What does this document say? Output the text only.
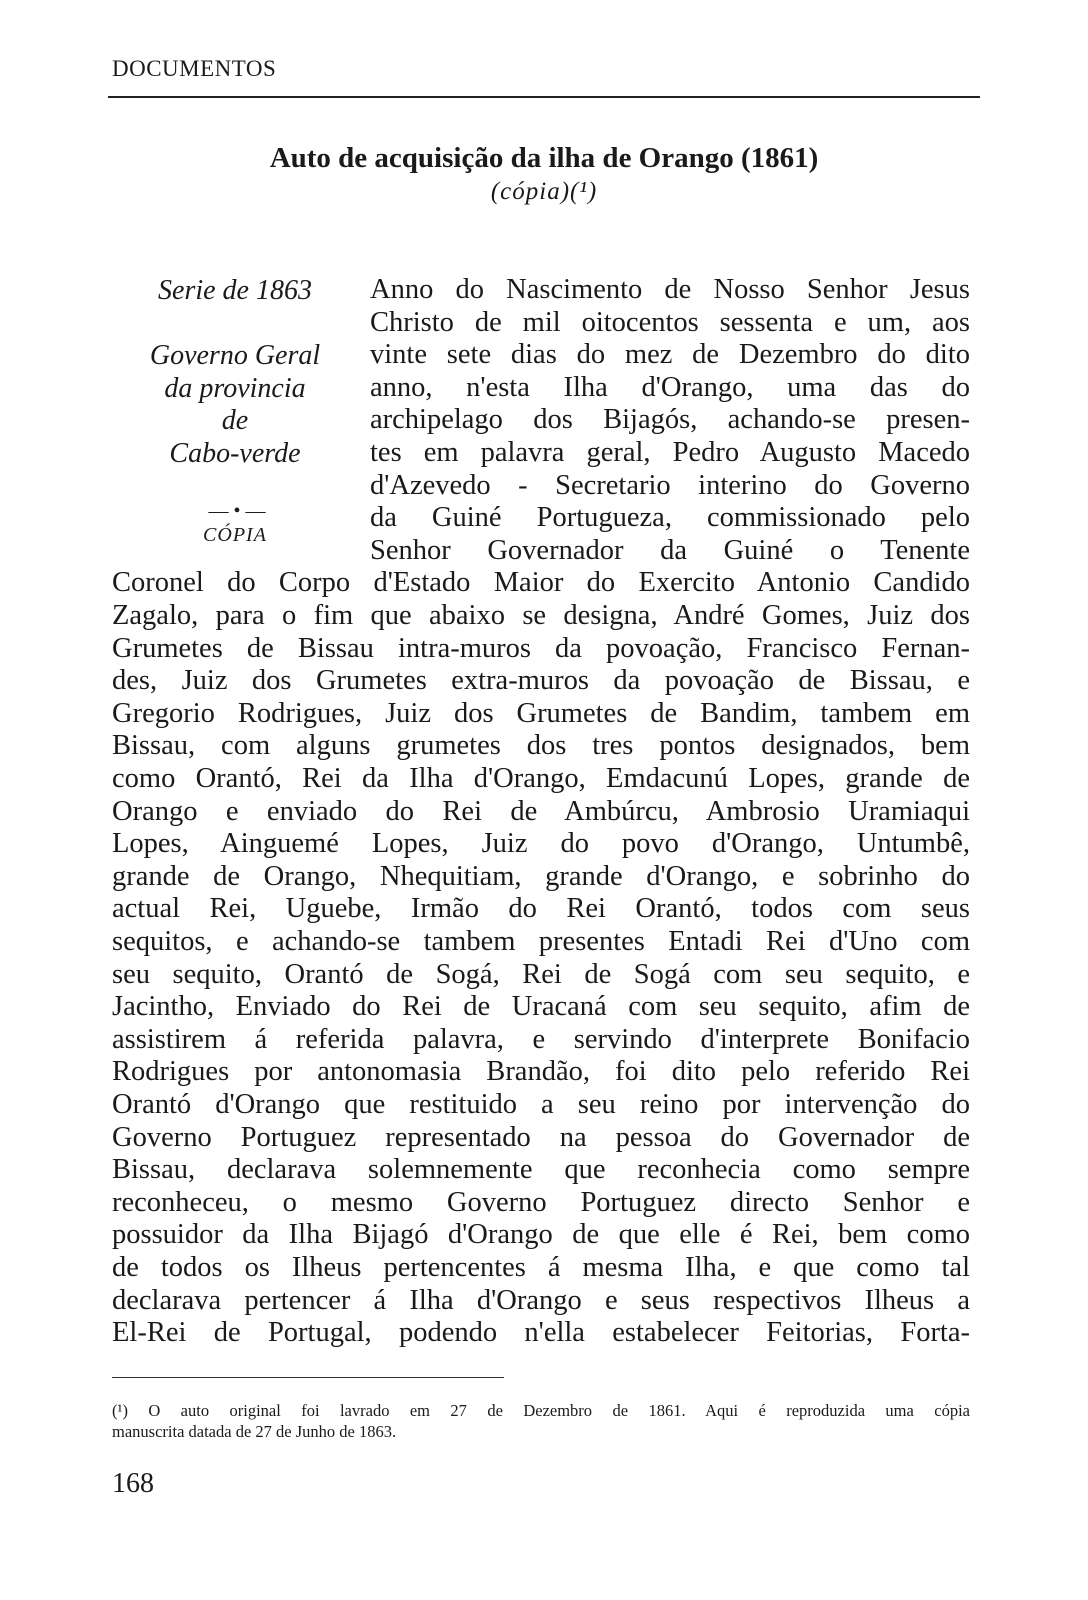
DOCUMENTOS
Auto de acquisição da ilha de Orango (1861)
(cópia)(¹)
Serie de 1863
Governo Geral
da provincia
de
Cabo-verde
— • —
CÓPIA
Anno do Nascimento de Nosso Senhor Jesus
Christo de mil oitocentos sessenta e um, aos
vinte sete dias do mez de Dezembro do dito
anno, n'esta Ilha d'Orango, uma das do
archipelago dos Bijagós, achando-se presen-
tes em palavra geral, Pedro Augusto Macedo
d'Azevedo - Secretario interino do Governo
da Guiné Portugueza, commissionado pelo
Senhor Governador da Guiné o Tenente
Coronel do Corpo d'Estado Maior do Exercito Antonio Candido
Zagalo, para o fim que abaixo se designa, André Gomes, Juiz dos
Grumetes de Bissau intra-muros da povoação, Francisco Fernan-
des, Juiz dos Grumetes extra-muros da povoação de Bissau, e
Gregorio Rodrigues, Juiz dos Grumetes de Bandim, tambem em
Bissau, com alguns grumetes dos tres pontos designados, bem
como Orantó, Rei da Ilha d'Orango, Emdacunú Lopes, grande de
Orango e enviado do Rei de Ambúrcu, Ambrosio Uramiaqui
Lopes, Ainguemé Lopes, Juiz do povo d'Orango, Untumbê,
grande de Orango, Nhequitiam, grande d'Orango, e sobrinho do
actual Rei, Uguebe, Irmão do Rei Orantó, todos com seus
sequitos, e achando-se tambem presentes Entadi Rei d'Uno com
seu sequito, Orantó de Sogá, Rei de Sogá com seu sequito, e
Jacintho, Enviado do Rei de Uracaná com seu sequito, afim de
assistirem á referida palavra, e servindo d'interprete Bonifacio
Rodrigues por antonomasia Brandão, foi dito pelo referido Rei
Orantó d'Orango que restituido a seu reino por intervenção do
Governo Portuguez representado na pessoa do Governador de
Bissau, declarava solemnemente que reconhecia como sempre
reconheceu, o mesmo Governo Portuguez directo Senhor e
possuidor da Ilha Bijagó d'Orango de que elle é Rei, bem como
de todos os Ilheus pertencentes á mesma Ilha, e que como tal
declarava pertencer á Ilha d'Orango e seus respectivos Ilheus a
El-Rei de Portugal, podendo n'ella estabelecer Feitorias, Forta-
(¹) O auto original foi lavrado em 27 de Dezembro de 1861. Aqui é reproduzida uma cópia
manuscrita datada de 27 de Junho de 1863.
168
